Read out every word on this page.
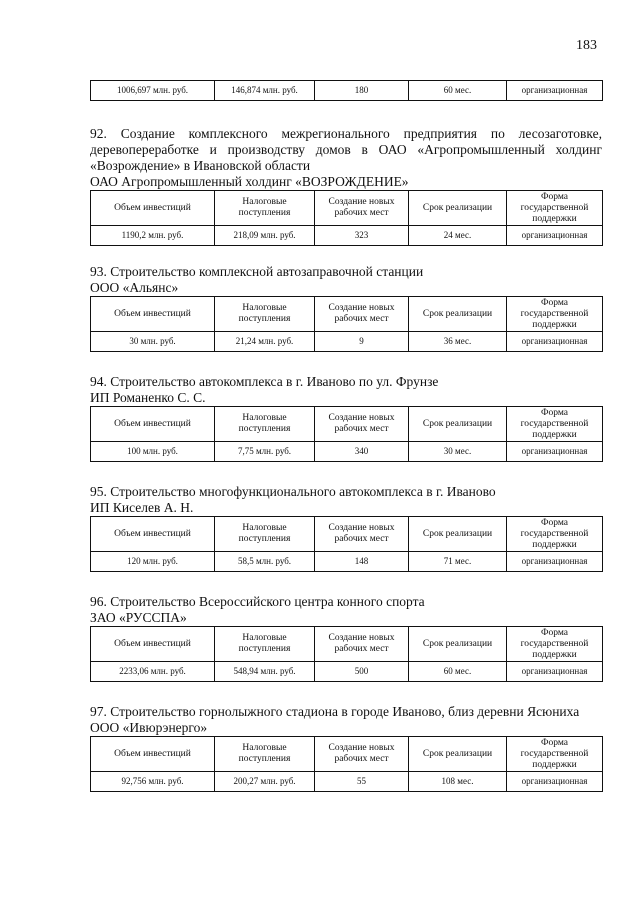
183
1006,697 млн. руб.	146,874 млн. руб.	180	60 мес.	организационная

92. Создание комплексного межрегионального предприятия по лесозаготовке, деревопереработке и производству домов в ОАО «Агропромышленный холдинг «Возрождение» в Ивановской области

ОАО Агропромышленный холдинг «ВОЗРОЖДЕНИЕ»

Объем инвестиций	Налоговые поступления	Создание новых рабочих мест	Срок реализации	Форма государственной поддержки
1190,2 млн. руб.	218,09 млн. руб.	323	24 мес.	организационная

93. Строительство комплексной автозаправочной станции

ООО «Альянс»

Объем инвестиций	Налоговые поступления	Создание новых рабочих мест	Срок реализации	Форма государственной поддержки
30 млн. руб.	21,24 млн. руб.	9	36 мес.	организационная

94. Строительство автокомплекса в г. Иваново по ул. Фрунзе

ИП Романенко С. С.

Объем инвестиций	Налоговые поступления	Создание новых рабочих мест	Срок реализации	Форма государственной поддержки
100 млн. руб.	7,75 млн. руб.	340	30 мес.	организационная

95. Строительство многофункционального автокомплекса в г. Иваново

ИП Киселев А. Н.

Объем инвестиций	Налоговые поступления	Создание новых рабочих мест	Срок реализации	Форма государственной поддержки
120 млн. руб.	58,5 млн. руб.	148	71 мес.	организационная

96. Строительство Всероссийского центра конного спорта

ЗАО «РУССПА»

Объем инвестиций	Налоговые поступления	Создание новых рабочих мест	Срок реализации	Форма государственной поддержки
2233,06 млн. руб.	548,94 млн. руб.	500	60 мес.	организационная

97. Строительство горнолыжного стадиона в городе Иваново, близ деревни Ясюниха

ООО «Ивюрэнерго»

Объем инвестиций	Налоговые поступления	Создание новых рабочих мест	Срок реализации	Форма государственной поддержки
92,756 млн. руб.	200,27 млн. руб.	55	108 мес.	организационная
